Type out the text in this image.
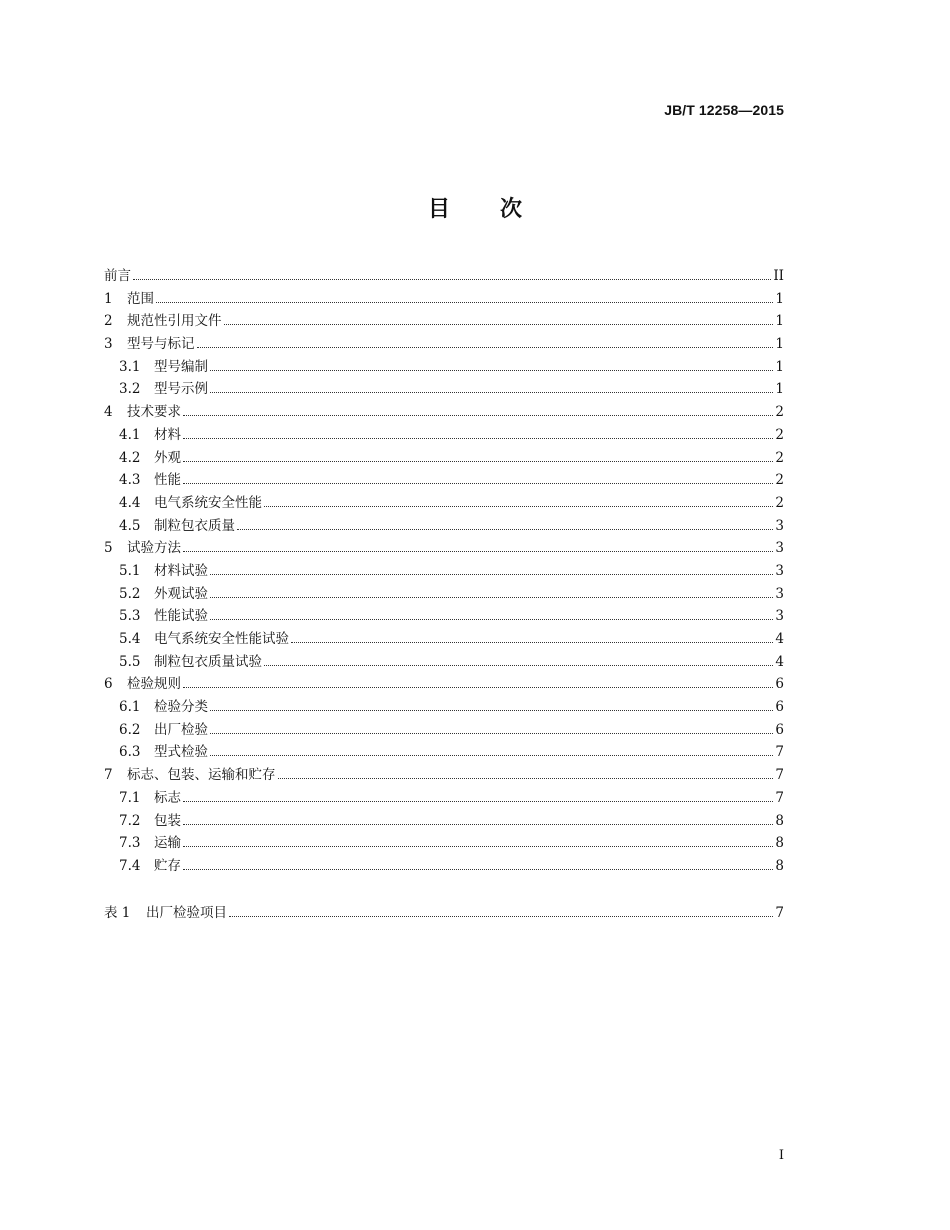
JB/T 12258—2015
目 次
前言	II
1	范围	1
2	规范性引用文件	1
3	型号与标记	1
3.1	型号编制	1
3.2	型号示例	1
4	技术要求	2
4.1	材料	2
4.2	外观	2
4.3	性能	2
4.4	电气系统安全性能	2
4.5	制粒包衣质量	3
5	试验方法	3
5.1	材料试验	3
5.2	外观试验	3
5.3	性能试验	3
5.4	电气系统安全性能试验	4
5.5	制粒包衣质量试验	4
6	检验规则	6
6.1	检验分类	6
6.2	出厂检验	6
6.3	型式检验	7
7	标志、包装、运输和贮存	7
7.1	标志	7
7.2	包装	8
7.3	运输	8
7.4	贮存	8
表 1	出厂检验项目	7
I
